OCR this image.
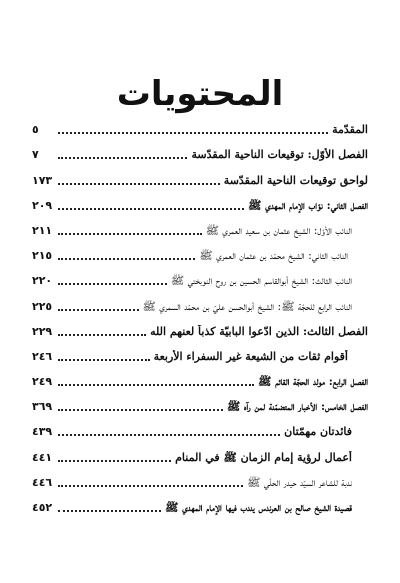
المحتويات
المقدّمة
٥
الفصل الأوّل: توقيعات الناحية المقدّسة
٧
لواحق توقيعات الناحية المقدّسة
١٧٣
الفصل الثاني: نوّاب الإمام المهدي ﷺ
٢٠٩
النائب الأوّل: الشيخ عثمان بن سعيد العمري ﷺ
٢١١
النائب الثاني: الشيخ محمّد بن عثمان العمري ﷺ
٢١٥
النائب الثالث: الشيخ أبوالقاسم الحسين بن روح النوبختي ﷺ
٢٢٠
النائب الرابع للحجّة ﷺ: الشيخ أبوالحسن عليّ بن محمّد السمري ﷺ
٢٢٥
الفصل الثالث: الذين ادّعوا البابيّة كذباً لعنهم الله
٢٢٩
أقوام ثقات من الشيعة غير السفراء الأربعة
٢٤٦
الفصل الرابع: مولد الحجّة القائم ﷺ
٢٤٩
الفصل الخامس: الأخبار المتضمّنة لمن رآه ﷺ
٣٦٩
فائدتان مهمّتان
٤٣٩
أعمال لرؤية إمام الزمان ﷺ في المنام
٤٤١
ندبة للشاعر السيّد حيدر الحلّي ﷺ
٤٤٦
قصيدة الشيخ صالح بن العرندس يندب فيها الإمام المهدي ﷺ
٤٥٢
